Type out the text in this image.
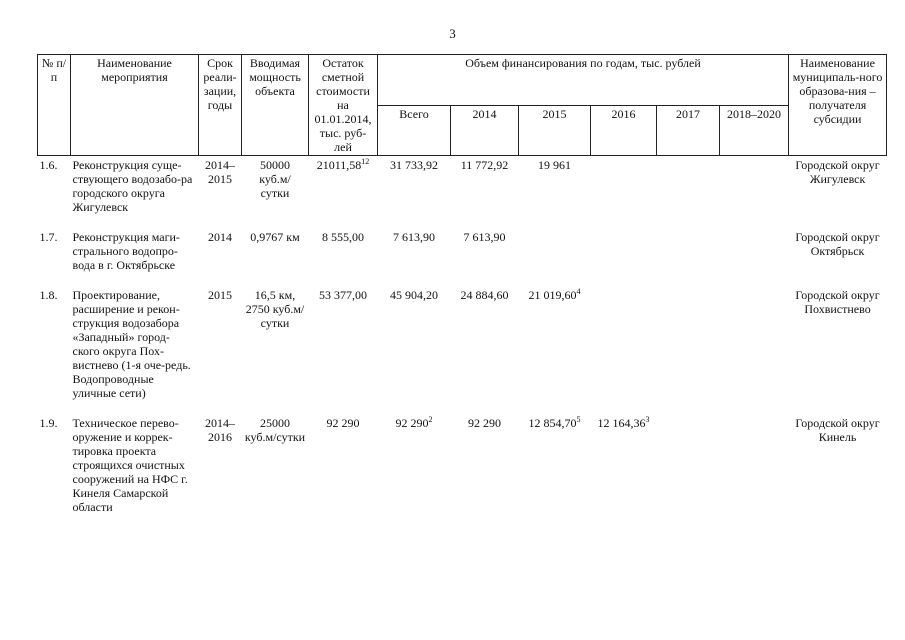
3
№ п/п	Наименование мероприятия	Срок реали-зации, годы	Вводимая мощность объекта	Остаток сметной стоимости на 01.01.2014, тыс. руб-лей	Объем финансирования по годам, тыс. рублей						Наименование муниципаль-ного образова-ния – получателя субсидии
					Всего	2014	2015	2016	2017	2018–2020	
1.6.	Реконструкция суще-ствующего водозабо-ра городского округа Жигулевск	2014–2015	50000 куб.м/ сутки	21011,58$^{12}$	31 733,92	11 772,92	19 961				Городской округ Жигулевск
1.7.	Реконструкция маги-стрального водопро-вода в г. Октябрьске	2014	0,9767 км	8 555,00	7 613,90	7 613,90					Городской округ Октябрьск
1.8.	Проектирование, расширение и рекон-струкция водозабора «Западный» город-ского округа Пох-вистнево (1-я оче-редь. Водопроводные уличные сети)	2015	16,5 км, 2750 куб.м/сутки	53 377,00	45 904,20	24 884,60	21 019,60$^4$				Городской округ Похвистнево
1.9.	Техническое перево-оружение и коррек-тировка проекта строящихся очистных сооружений на НФС г. Кинеля Самарской области	2014–2016	25000 куб.м/сутки	92 290	92 $290^2$	92 290	12 854,70$^5$	12 164,36$^3$			Городской округ Кинель
